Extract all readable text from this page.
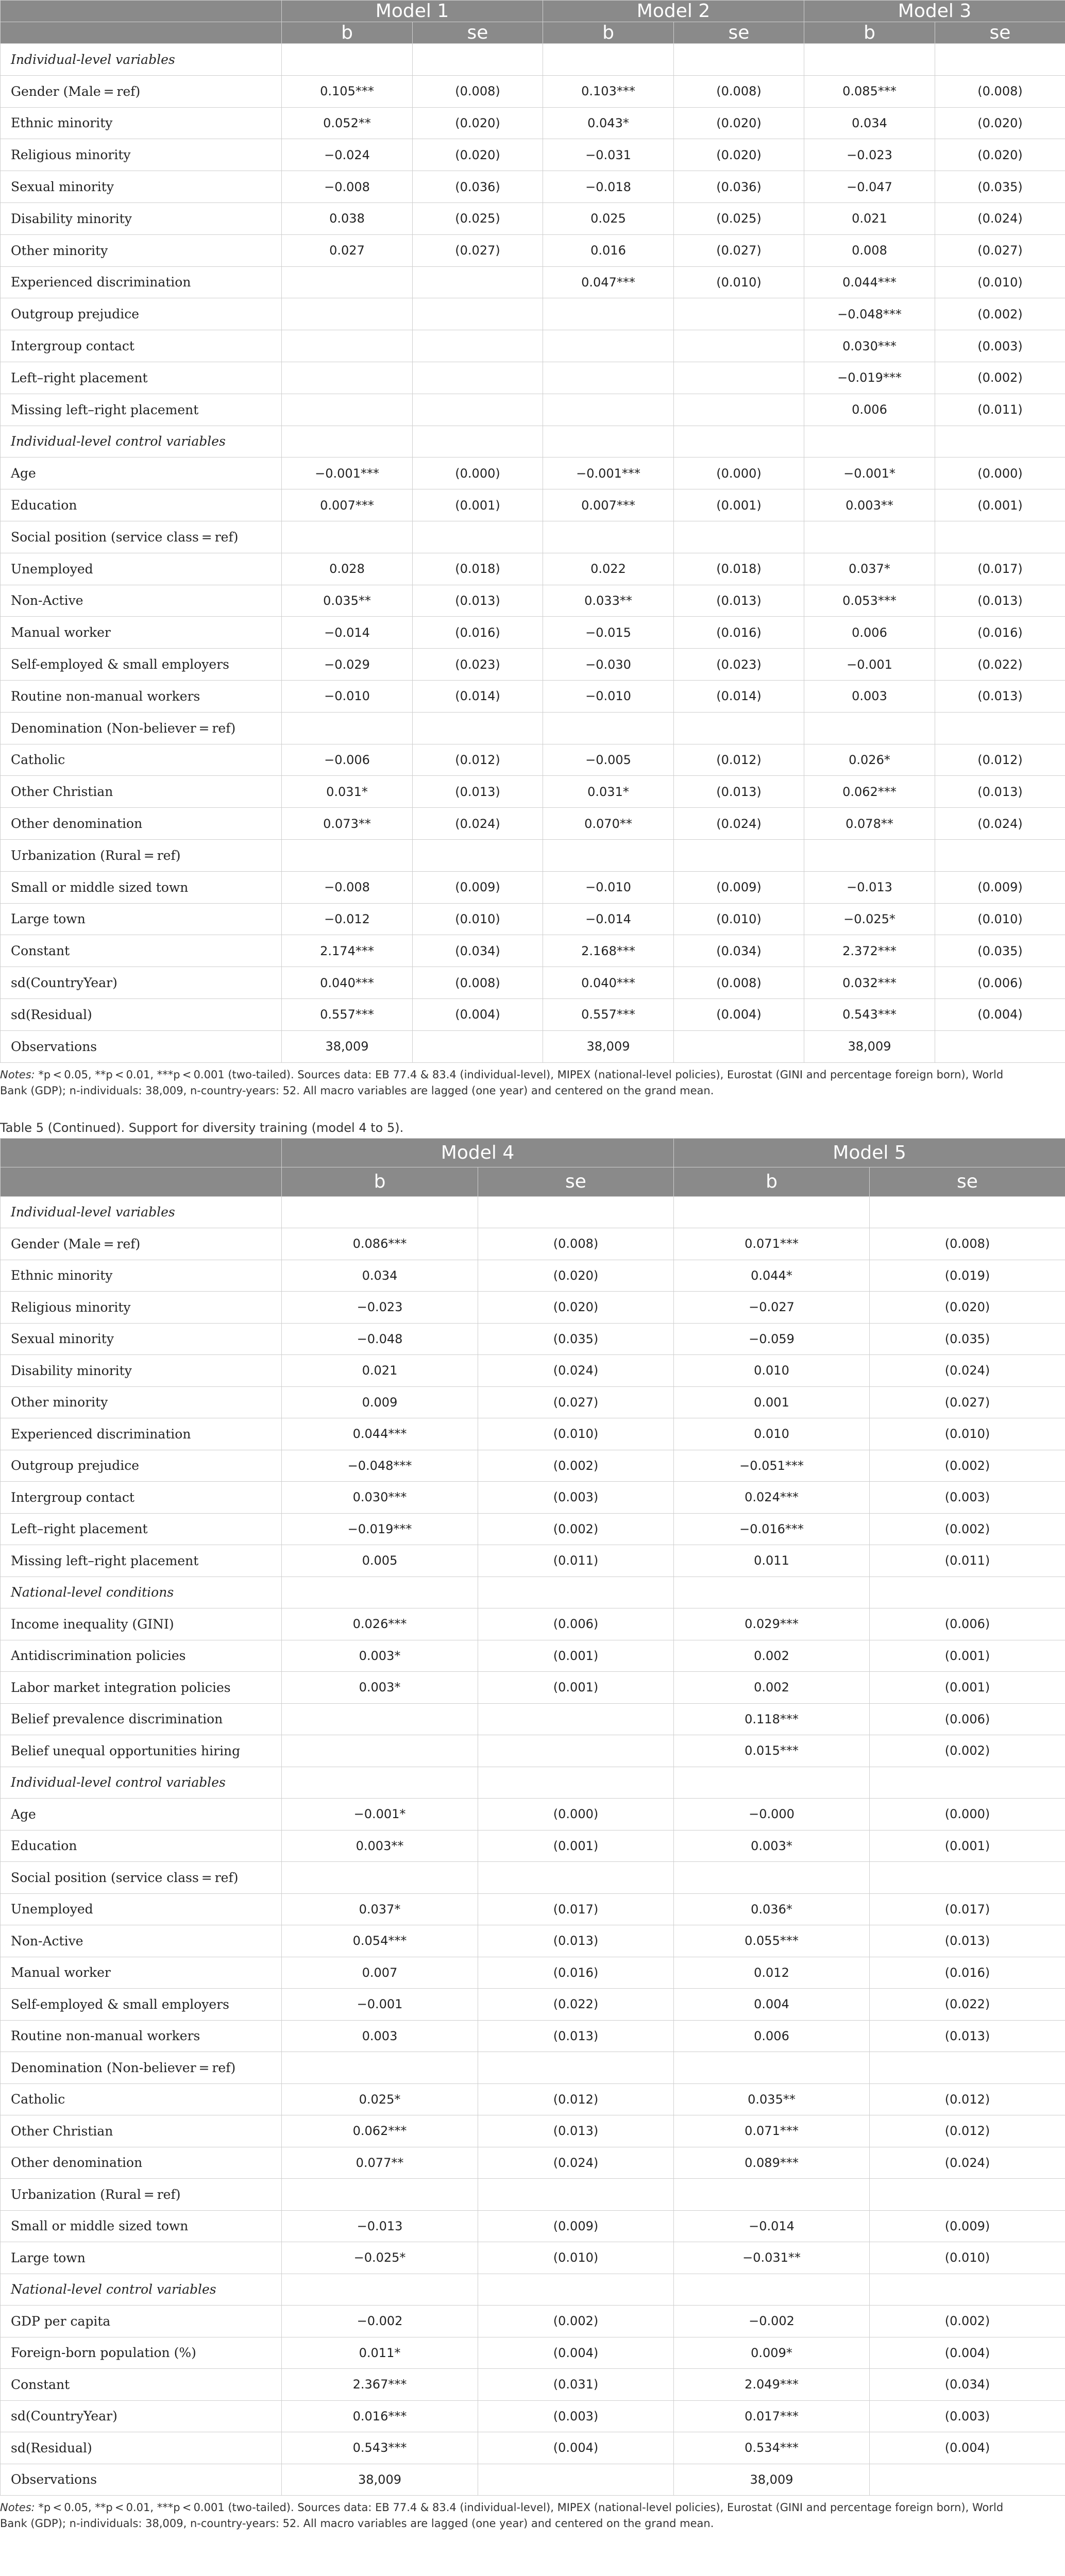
	Model 1		Model 2		Model 3	
	b	se	b	se	b	se
Individual-level variables						
Gender (Male = ref)	0.105***	(0.008)	0.103***	(0.008)	0.085***	(0.008)
Ethnic minority	0.052**	(0.020)	0.043*	(0.020)	0.034	(0.020)
Religious minority	−0.024	(0.020)	−0.031	(0.020)	−0.023	(0.020)
Sexual minority	−0.008	(0.036)	−0.018	(0.036)	−0.047	(0.035)
Disability minority	0.038	(0.025)	0.025	(0.025)	0.021	(0.024)
Other minority	0.027	(0.027)	0.016	(0.027)	0.008	(0.027)
Experienced discrimination			0.047***	(0.010)	0.044***	(0.010)
Outgroup prejudice					−0.048***	(0.002)
Intergroup contact					0.030***	(0.003)
Left–right placement					−0.019***	(0.002)
Missing left–right placement					0.006	(0.011)
Individual-level control variables						
Age	−0.001***	(0.000)	−0.001***	(0.000)	−0.001*	(0.000)
Education	0.007***	(0.001)	0.007***	(0.001)	0.003**	(0.001)
Social position (service class = ref)						
Unemployed	0.028	(0.018)	0.022	(0.018)	0.037*	(0.017)
Non-Active	0.035**	(0.013)	0.033**	(0.013)	0.053***	(0.013)
Manual worker	−0.014	(0.016)	−0.015	(0.016)	0.006	(0.016)
Self-employed & small employers	−0.029	(0.023)	−0.030	(0.023)	−0.001	(0.022)
Routine non-manual workers	−0.010	(0.014)	−0.010	(0.014)	0.003	(0.013)
Denomination (Non-believer = ref)						
Catholic	−0.006	(0.012)	−0.005	(0.012)	0.026*	(0.012)
Other Christian	0.031*	(0.013)	0.031*	(0.013)	0.062***	(0.013)
Other denomination	0.073**	(0.024)	0.070**	(0.024)	0.078**	(0.024)
Urbanization (Rural = ref)						
Small or middle sized town	−0.008	(0.009)	−0.010	(0.009)	−0.013	(0.009)
Large town	−0.012	(0.010)	−0.014	(0.010)	−0.025*	(0.010)
Constant	2.174***	(0.034)	2.168***	(0.034)	2.372***	(0.035)
sd(CountryYear)	0.040***	(0.008)	0.040***	(0.008)	0.032***	(0.006)
sd(Residual)	0.557***	(0.004)	0.557***	(0.004)	0.543***	(0.004)
Observations	38,009		38,009		38,009	
Notes: *p < 0.05, **p < 0.01, ***p < 0.001 (two-tailed). Sources data: EB 77.4 & 83.4 (individual-level), MIPEX (national-level policies), Eurostat (GINI and percentage foreign born), World
Bank (GDP); n-individuals: 38,009, n-country-years: 52. All macro variables are lagged (one year) and centered on the grand mean.
Table 5 (Continued). Support for diversity training (model 4 to 5).
	Model 4		Model 5	
	b	se	b	se
Individual-level variables				
Gender (Male = ref)	0.086***	(0.008)	0.071***	(0.008)
Ethnic minority	0.034	(0.020)	0.044*	(0.019)
Religious minority	−0.023	(0.020)	−0.027	(0.020)
Sexual minority	−0.048	(0.035)	−0.059	(0.035)
Disability minority	0.021	(0.024)	0.010	(0.024)
Other minority	0.009	(0.027)	0.001	(0.027)
Experienced discrimination	0.044***	(0.010)	0.010	(0.010)
Outgroup prejudice	−0.048***	(0.002)	−0.051***	(0.002)
Intergroup contact	0.030***	(0.003)	0.024***	(0.003)
Left–right placement	−0.019***	(0.002)	−0.016***	(0.002)
Missing left–right placement	0.005	(0.011)	0.011	(0.011)
National-level conditions				
Income inequality (GINI)	0.026***	(0.006)	0.029***	(0.006)
Antidiscrimination policies	0.003*	(0.001)	0.002	(0.001)
Labor market integration policies	0.003*	(0.001)	0.002	(0.001)
Belief prevalence discrimination			0.118***	(0.006)
Belief unequal opportunities hiring			0.015***	(0.002)
Individual-level control variables				
Age	−0.001*	(0.000)	−0.000	(0.000)
Education	0.003**	(0.001)	0.003*	(0.001)
Social position (service class = ref)				
Unemployed	0.037*	(0.017)	0.036*	(0.017)
Non-Active	0.054***	(0.013)	0.055***	(0.013)
Manual worker	0.007	(0.016)	0.012	(0.016)
Self-employed & small employers	−0.001	(0.022)	0.004	(0.022)
Routine non-manual workers	0.003	(0.013)	0.006	(0.013)
Denomination (Non-believer = ref)				
Catholic	0.025*	(0.012)	0.035**	(0.012)
Other Christian	0.062***	(0.013)	0.071***	(0.012)
Other denomination	0.077**	(0.024)	0.089***	(0.024)
Urbanization (Rural = ref)				
Small or middle sized town	−0.013	(0.009)	−0.014	(0.009)
Large town	−0.025*	(0.010)	−0.031**	(0.010)
National-level control variables				
GDP per capita	−0.002	(0.002)	−0.002	(0.002)
Foreign-born population (%)	0.011*	(0.004)	0.009*	(0.004)
Constant	2.367***	(0.031)	2.049***	(0.034)
sd(CountryYear)	0.016***	(0.003)	0.017***	(0.003)
sd(Residual)	0.543***	(0.004)	0.534***	(0.004)
Observations	38,009		38,009	
Notes: *p < 0.05, **p < 0.01, ***p < 0.001 (two-tailed). Sources data: EB 77.4 & 83.4 (individual-level), MIPEX (national-level policies), Eurostat (GINI and percentage foreign born), World
Bank (GDP); n-individuals: 38,009, n-country-years: 52. All macro variables are lagged (one year) and centered on the grand mean.
